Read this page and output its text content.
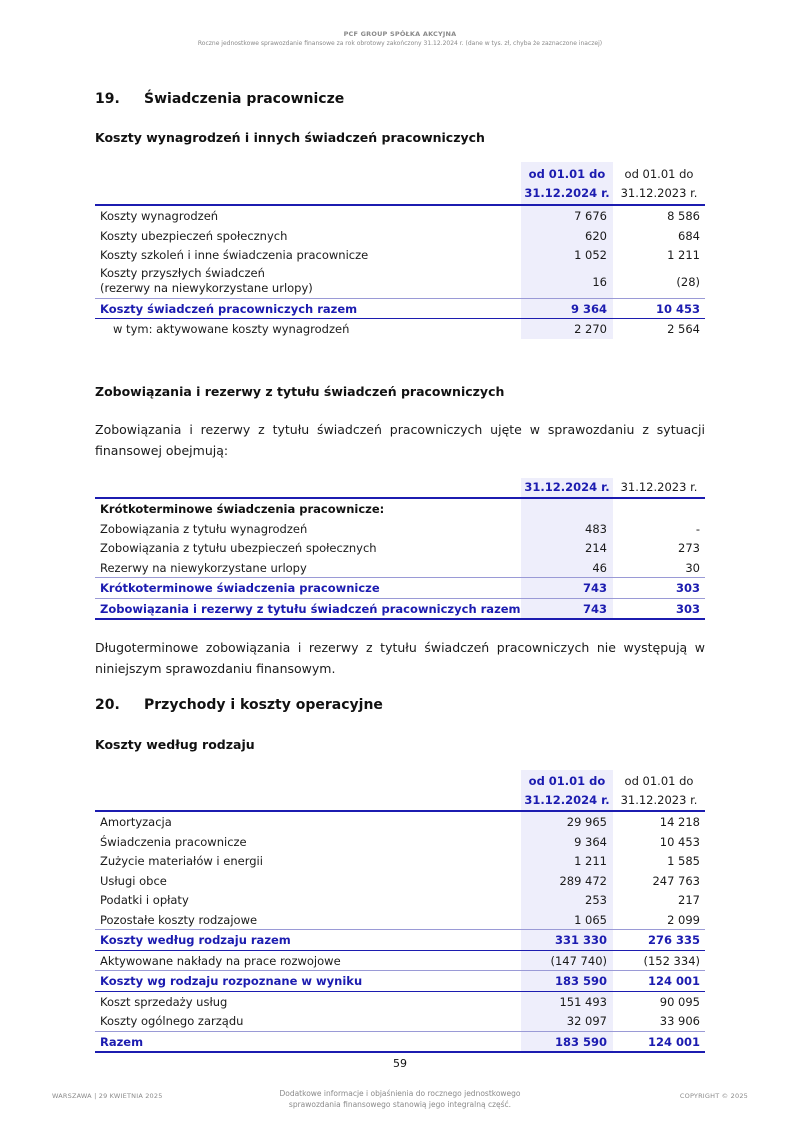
PCF GROUP SPÓŁKA AKCYJNA
Roczne jednostkowe sprawozdanie finansowe za rok obrotowy zakończony 31.12.2024 r. (dane w tys. zł, chyba że zaznaczone inaczej)
19. Świadczenia pracownicze
Koszty wynagrodzeń i innych świadczeń pracowniczych
od 01.01 do
31.12.2024 r.
od 01.01 do
31.12.2023 r.
Koszty wynagrodzeń	7 676	8 586
Koszty ubezpieczeń społecznych	620	684
Koszty szkoleń i inne świadczenia pracownicze	1 052	1 211
Koszty przyszłych świadczeń
(rezerwy na niewykorzystane urlopy)	16	(28)
Koszty świadczeń pracowniczych razem	9 364	10 453
w tym: aktywowane koszty wynagrodzeń	2 270	2 564
Zobowiązania i rezerwy z tytułu świadczeń pracowniczych
Zobowiązania i rezerwy z tytułu świadczeń pracowniczych ujęte w sprawozdaniu z sytuacji finansowej obejmują:
31.12.2024 r. 31.12.2023 r.
Krótkoterminowe świadczenia pracownicze:
Zobowiązania z tytułu wynagrodzeń	483	-
Zobowiązania z tytułu ubezpieczeń społecznych	214	273
Rezerwy na niewykorzystane urlopy	46	30
Krótkoterminowe świadczenia pracownicze	743	303
Zobowiązania i rezerwy z tytułu świadczeń pracowniczych razem	743	303
Długoterminowe zobowiązania i rezerwy z tytułu świadczeń pracowniczych nie występują w niniejszym sprawozdaniu finansowym.
20. Przychody i koszty operacyjne
Koszty według rodzaju
od 01.01 do
31.12.2024 r.
od 01.01 do
31.12.2023 r.
Amortyzacja	29 965	14 218
Świadczenia pracownicze	9 364	10 453
Zużycie materiałów i energii	1 211	1 585
Usługi obce	289 472	247 763
Podatki i opłaty	253	217
Pozostałe koszty rodzajowe	1 065	2 099
Koszty według rodzaju razem	331 330	276 335
Aktywowane nakłady na prace rozwojowe	(147 740)	(152 334)
Koszty wg rodzaju rozpoznane w wyniku	183 590	124 001
Koszt sprzedaży usług	151 493	90 095
Koszty ogólnego zarządu	32 097	33 906
Razem	183 590	124 001
59
WARSZAWA | 29 KWIETNIA 2025	Dodatkowe informacje i objaśnienia do rocznego jednostkowego
sprawozdania finansowego stanowią jego integralną część.
COPYRIGHT © 2025
